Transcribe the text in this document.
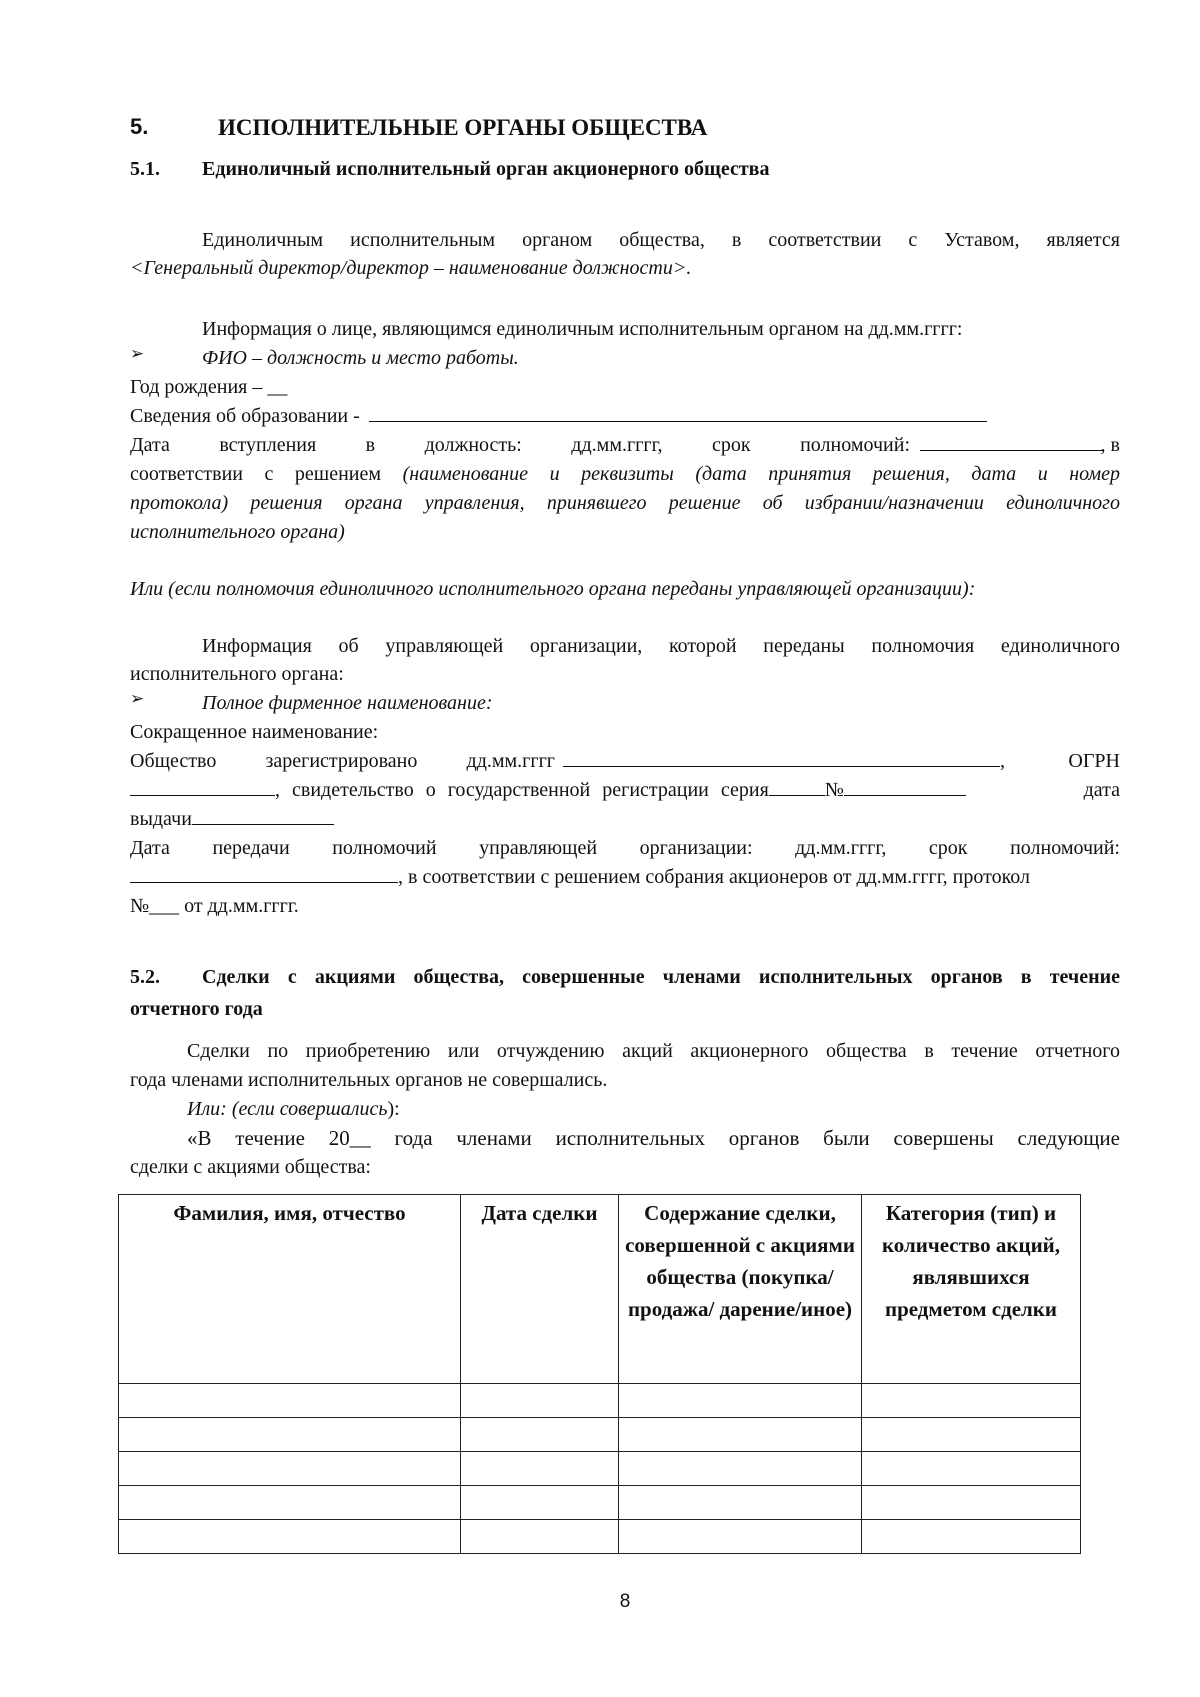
5.	ИСПОЛНИТЕЛЬНЫЕ ОРГАНЫ ОБЩЕСТВА
5.1. Единоличный исполнительный орган акционерного общества
Единоличным исполнительным органом общества, в соответствии с Уставом, является
<Генеральный директор/директор – наименование должности>.
Информация о лице, являющимся единоличным исполнительным органом на дд.мм.гггг:
➢	ФИО – должность и место работы.
Год рождения – __
Сведения об образовании -
Дата вступления в должность: дд.мм.гггг, срок полномочий:	, в
соответствии с решением (наименование и реквизиты (дата принятия решения, дата и номер
протокола) решения органа управления, принявшего решение об избрании/назначении единоличного
исполнительного органа)
Или (если полномочия единоличного исполнительного органа переданы управляющей организации):
Информация об управляющей организации, которой переданы полномочия единоличного
исполнительного органа:
➢	Полное фирменное наименование:
Сокращенное наименование:
Общество зарегистрировано дд.мм.гггг	,	ОГРН
, свидетельство о государственной регистрации серия	№	дата
выдачи
Дата передачи полномочий управляющей организации: дд.мм.гггг, срок полномочий:
, в соответствии с решением собрания акционеров от дд.мм.гггг, протокол
№___ от дд.мм.гггг.
5.2. Сделки с акциями общества, совершенные членами исполнительных органов в течение
отчетного года
Сделки по приобретению или отчуждению акций акционерного общества в течение отчетного
года членами исполнительных органов не совершались.
Или: (если совершались):
«В течение 20__ года членами исполнительных органов были совершены следующие
сделки с акциями общества:
Фамилия, имя, отчество	Дата сделки	Содержание сделки, совершенной с акциями общества (покупка/продажа/ дарение/иное)	Категория (тип) и количество акций, являвшихся предметом сделки

8
